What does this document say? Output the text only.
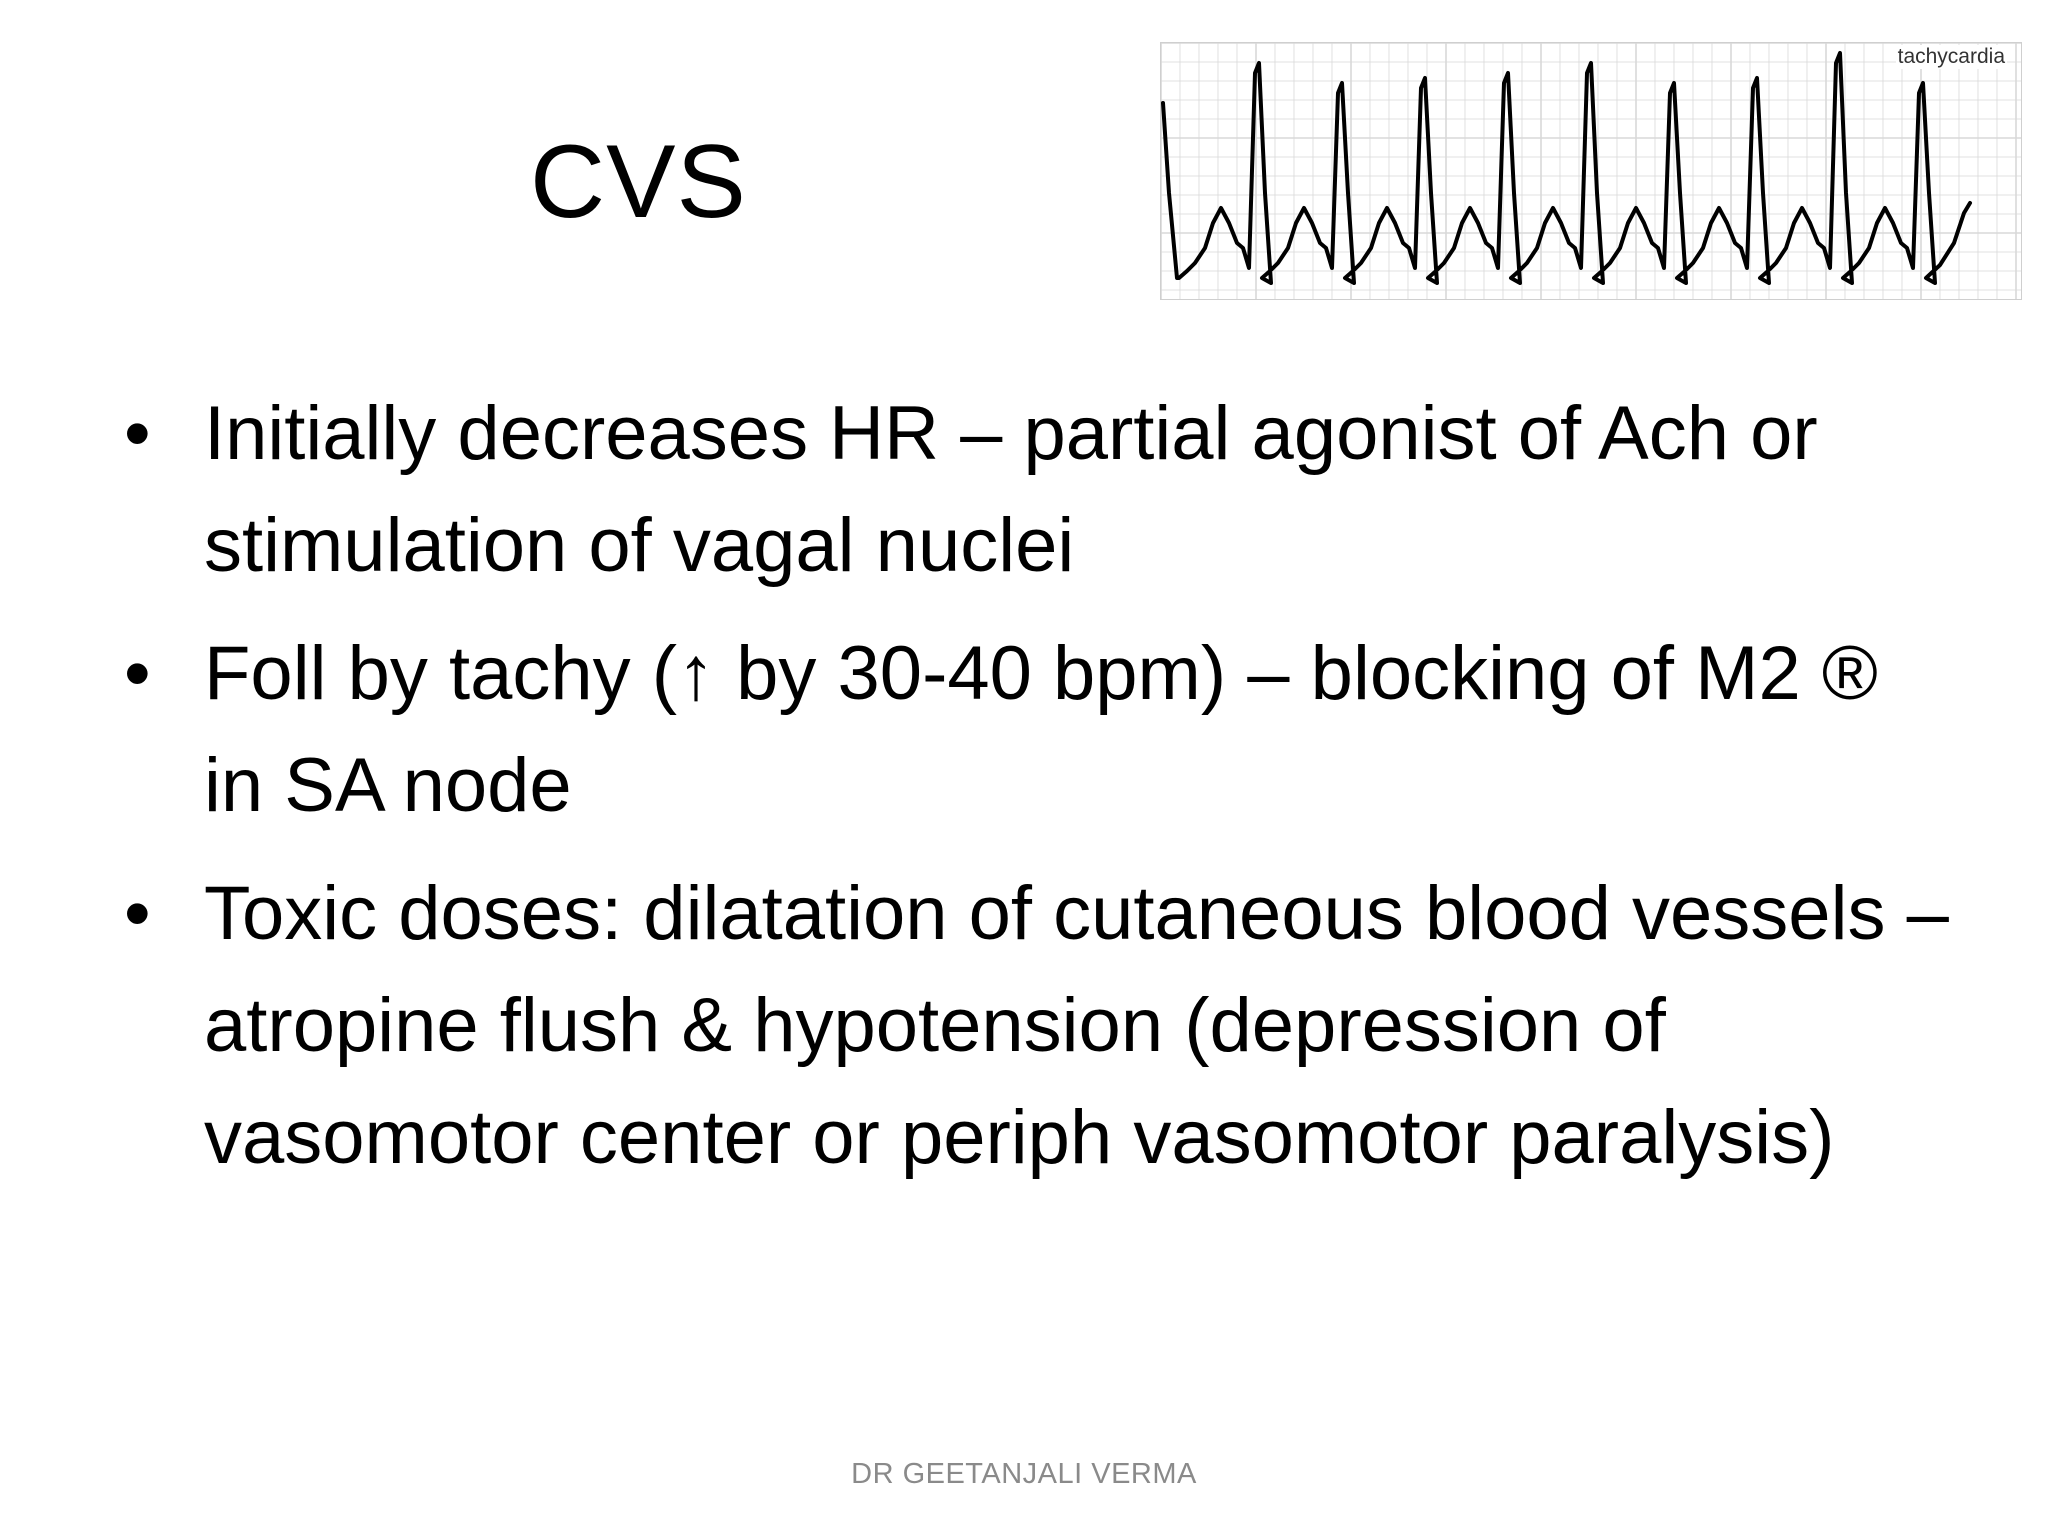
CVS
tachycardia
• Initially decreases HR – partial agonist of Ach or stimulation of vagal nuclei
• Foll by tachy (↑ by 30-40 bpm) – blocking of M2 ® in SA node
• Toxic doses: dilatation of cutaneous blood vessels – atropine flush & hypotension (depression of vasomotor center or periph vasomotor paralysis)
DR GEETANJALI VERMA
